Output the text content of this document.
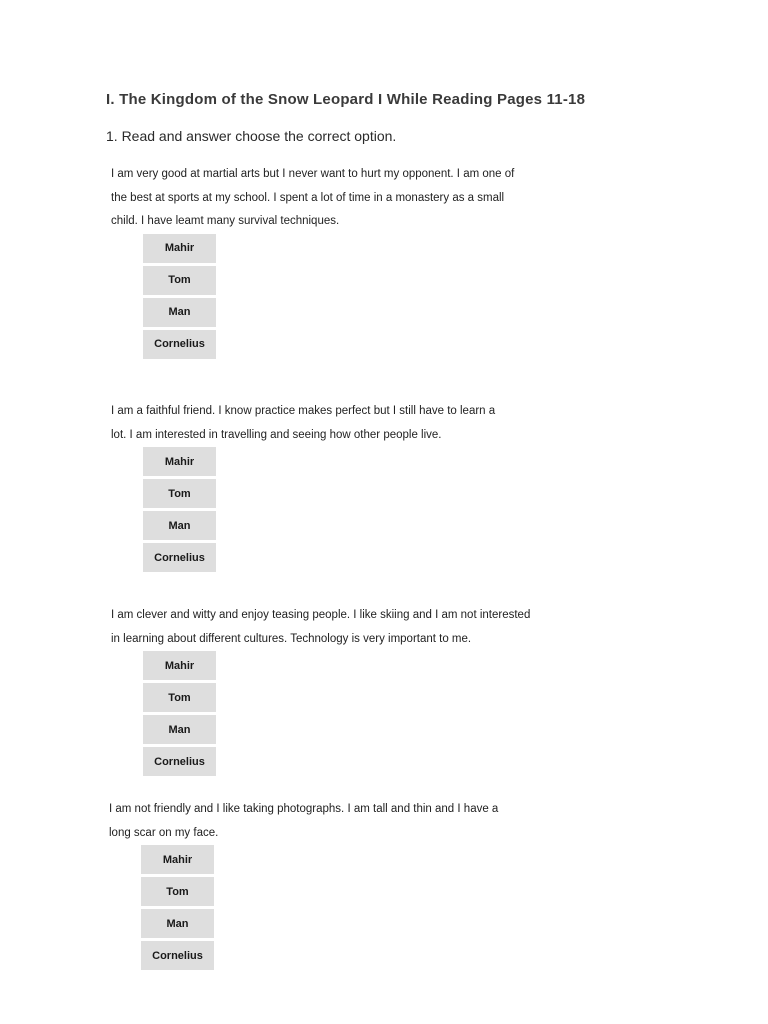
I. The Kingdom of the Snow Leopard I While Reading Pages 11-18
1. Read and answer choose the correct option.
I am very good at martial arts but I never want to hurt my opponent. I am one of
the best at sports at my school. I spent a lot of time in a monastery as a small
child. I have leamt many survival techniques.
Mahir
Tom
Man
Cornelius
I am a faithful friend. I know practice makes perfect but I still have to learn a
lot. I am interested in travelling and seeing how other people live.
Mahir
Tom
Man
Cornelius
I am clever and witty and enjoy teasing people. I like skiing and I am not interested
in learning about different cultures. Technology is very important to me.
Mahir
Tom
Man
Cornelius
I am not friendly and I like taking photographs. I am tall and thin and I have a
long scar on my face.
Mahir
Tom
Man
Cornelius
